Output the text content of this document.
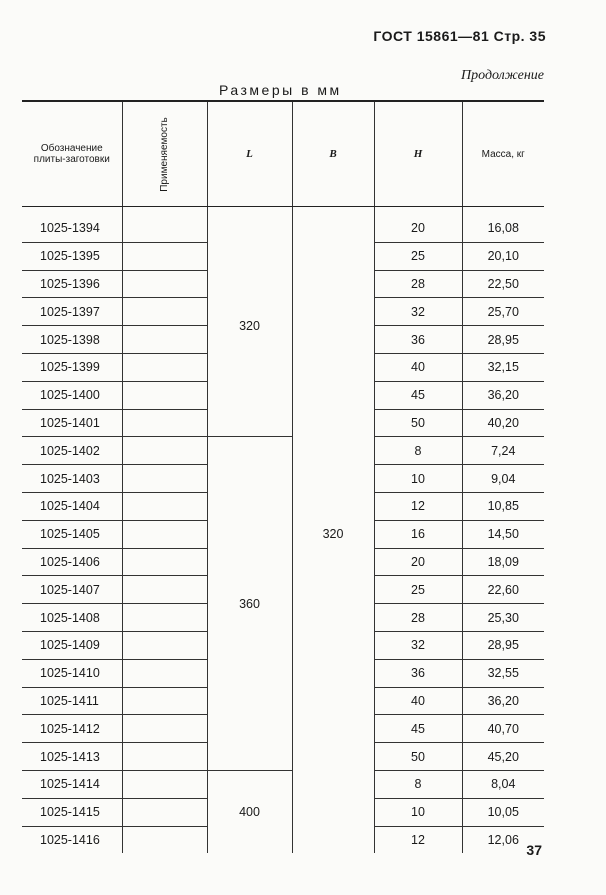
ГОСТ 15861—81 Стр. 35
Продолжение
Размеры в мм
Обозначение плиты-заготовки	Применяемость	L	B	H	Масса, кг

1025-1394		320	320	20	16,08
1025-1395				25	20,10
1025-1396				28	22,50
1025-1397				32	25,70
1025-1398				36	28,95
1025-1399				40	32,15
1025-1400				45	36,20
1025-1401				50	40,20
1025-1402		360		8	7,24
1025-1403				10	9,04
1025-1404				12	10,85
1025-1405				16	14,50
1025-1406				20	18,09
1025-1407				25	22,60
1025-1408				28	25,30
1025-1409				32	28,95
1025-1410				36	32,55
1025-1411				40	36,20
1025-1412				45	40,70
1025-1413				50	45,20
1025-1414		400		8	8,04
1025-1415				10	10,05
1025-1416				12	12,06
37
